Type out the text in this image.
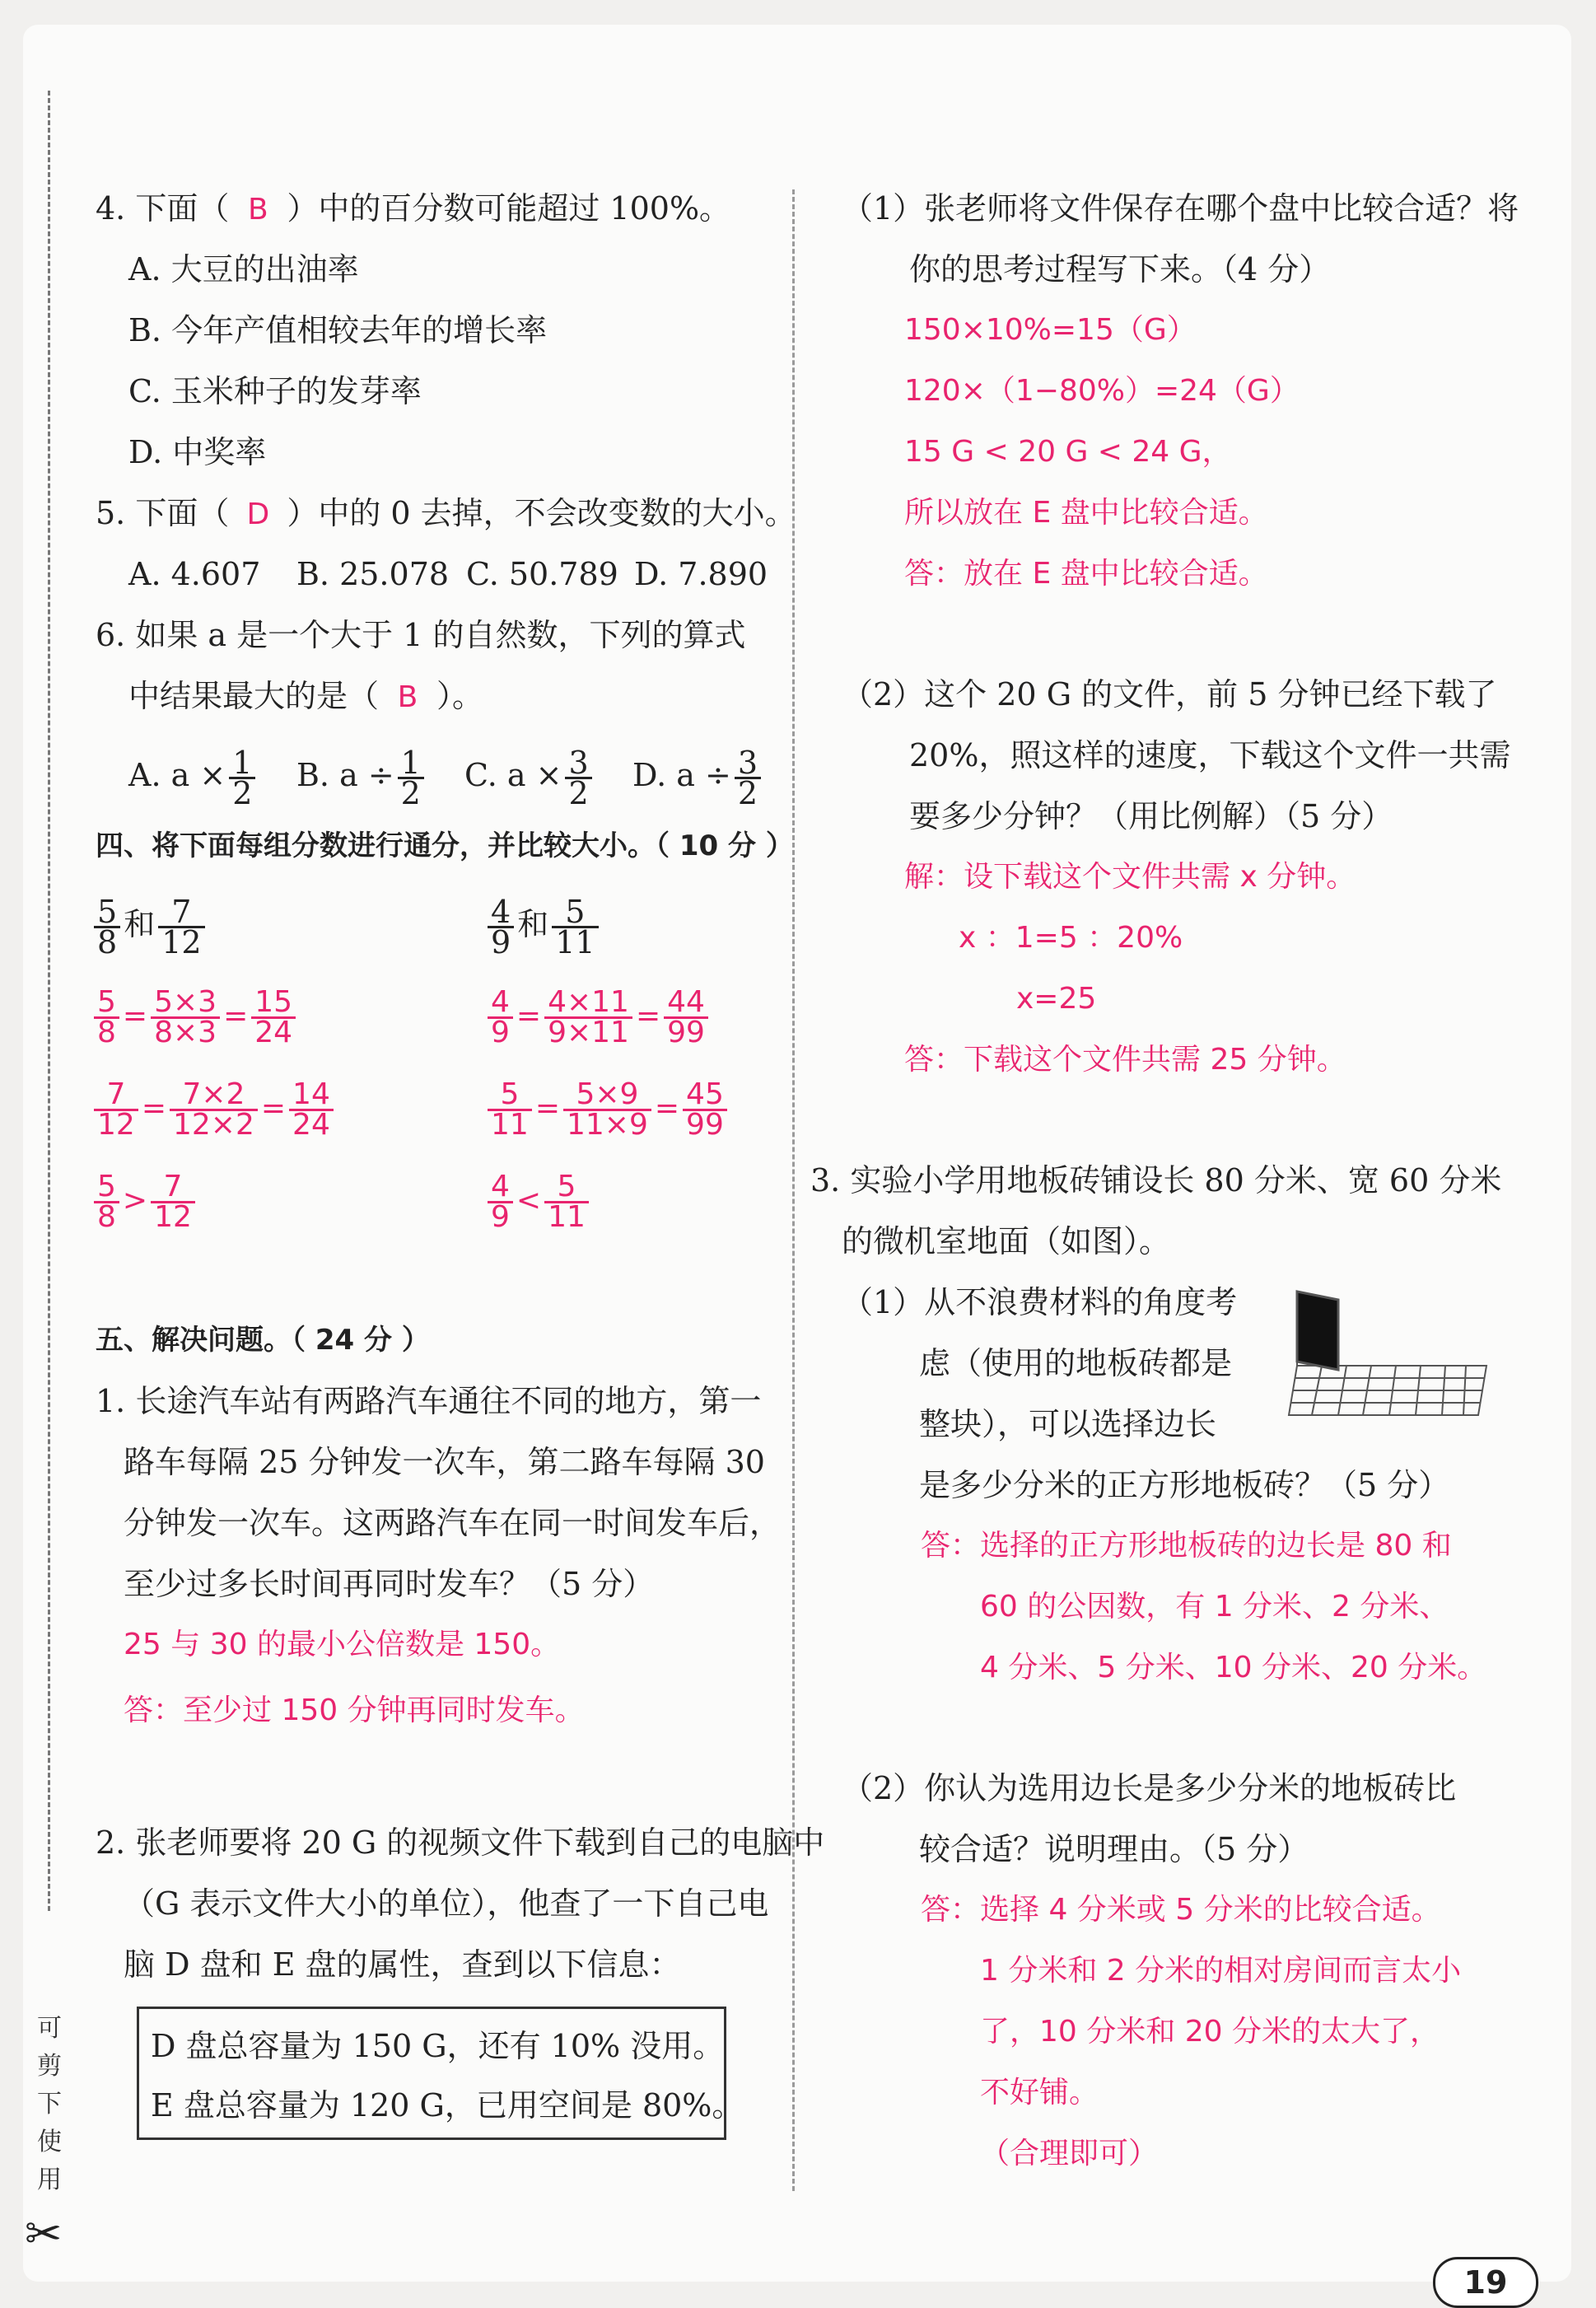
可
剪
下
使
用
✂
4. 下面（ B ）中的百分数可能超过 100%。
A. 大豆的出油率
B. 今年产值相较去年的增长率
C. 玉米种子的发芽率
D. 中奖率
5. 下面（ D ）中的 0 去掉，不会改变数的大小。
A. 4.607 B. 25.078 C. 50.789 D. 7.890
6. 如果 a 是一个大于 1 的自然数，下列的算式
中结果最大的是（ B ）。
A. $a \times \frac{1}{2} B$. $a \div \frac{1}{2} C$. $a \times \frac{3}{2} D$. $a \div \frac{3}{2}$
四、将下面每组分数进行通分，并比较大小。（ 10 分 ）
$\frac{5}{8}$ 和 $\frac{7}{12}$
$\frac{5}{8} = \frac{5\times 3}{8\times 3} = \frac{15}{24}$
$\frac{7}{12} = \frac{7\times 2}{12\times 2} = \frac{14}{24}$
$\frac{5}{8} > \frac{7}{12}$
$\frac{4}{9}$ 和 $\frac{5}{11}$
$\frac{4}{9} = \frac{4\times 11}{9\times 11} = \frac{44}{99}$
$\frac{5}{11} = \frac{5\times 9}{11\times 9} = \frac{45}{99}$
$\frac{4}{9} < \frac{5}{11}$
五、解决问题。（ 24 分 ）
1. 长途汽车站有两路汽车通往不同的地方，第一
路车每隔 25 分钟发一次车，第二路车每隔 30
分钟发一次车。这两路汽车在同一时间发车后，
至少过多长时间再同时发车？（5 分）
25 与 30 的最小公倍数是 150。
答：至少过 150 分钟再同时发车。
2. 张老师要将 20 G 的视频文件下载到自己的电脑中
（G 表示文件大小的单位），他查了一下自己电
脑 D 盘和 E 盘的属性，查到以下信息：
D 盘总容量为 150 G，还有 10% 没用。
E 盘总容量为 120 G，已用空间是 80%。
（1）张老师将文件保存在哪个盘中比较合适？将
你的思考过程写下来。（4 分）
150×10%=15（G）
120×（1−80%）=24（G）
15 G < 20 G < 24 G，
所以放在 E 盘中比较合适。
答：放在 E 盘中比较合适。
（2）这个 20 G 的文件，前 5 分钟已经下载了
20%，照这样的速度，下载这个文件一共需
要多少分钟？（用比例解）（5 分）
解：设下载这个文件共需 x 分钟。
x ：1=5 ：20%
x=25
答：下载这个文件共需 25 分钟。
3. 实验小学用地板砖铺设长 80 分米、宽 60 分米
的微机室地面（如图）。
（1）从不浪费材料的角度考
虑（使用的地板砖都是
整块），可以选择边长
是多少分米的正方形地板砖？（5 分）
答：选择的正方形地板砖的边长是 80 和
60 的公因数，有 1 分米、2 分米、
4 分米、5 分米、10 分米、20 分米。
（2）你认为选用边长是多少分米的地板砖比
较合适？说明理由。（5 分）
答：选择 4 分米或 5 分米的比较合适。
1 分米和 2 分米的相对房间而言太小
了，10 分米和 20 分米的太大了，
不好铺。
（合理即可）
19
